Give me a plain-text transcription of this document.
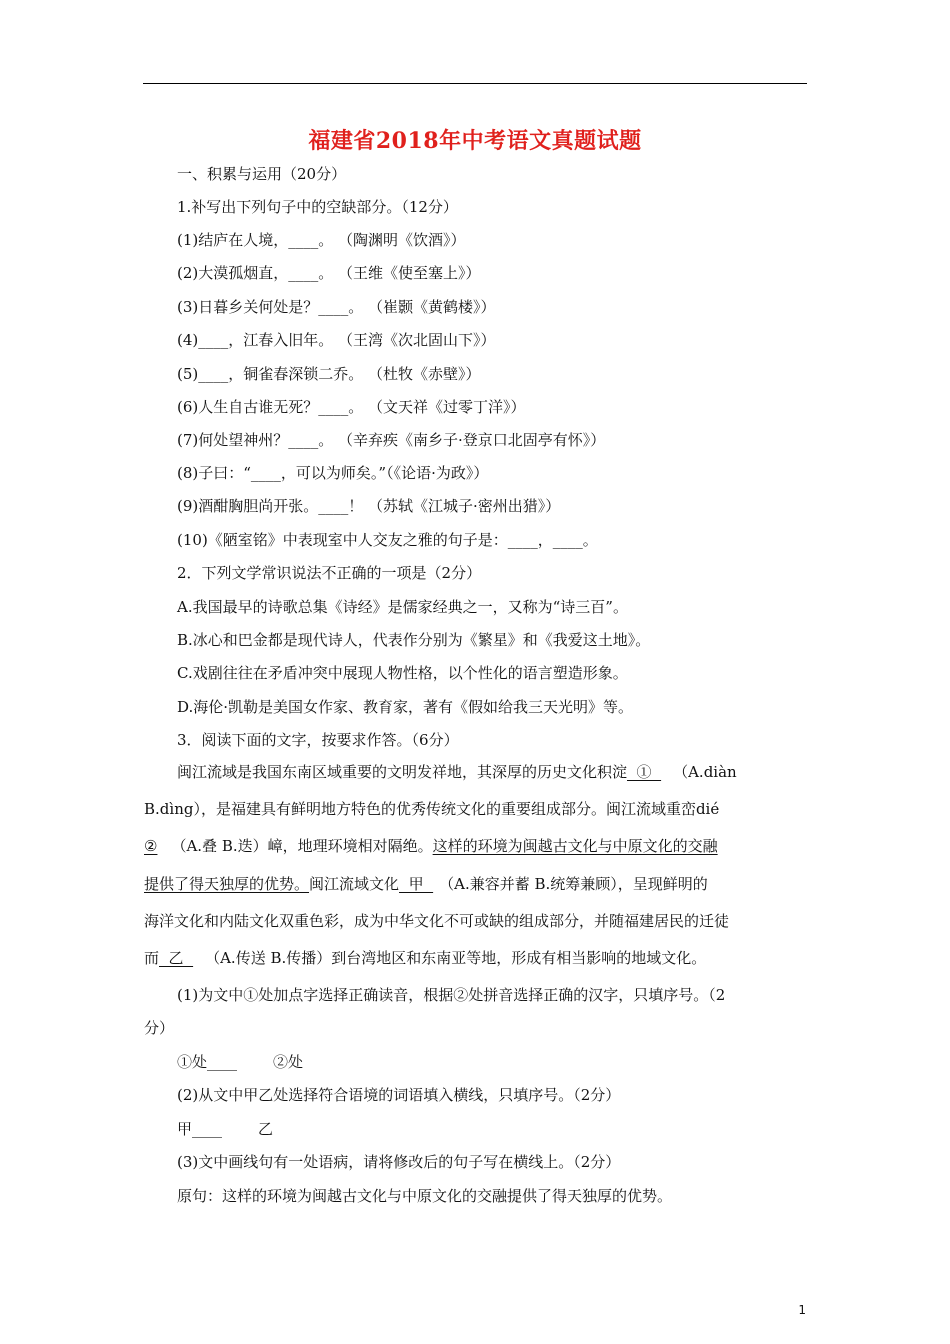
福建省2018年中考语文真题试题
一、积累与运用（20分）
1.补写出下列句子中的空缺部分。（12分）
(1)结庐在人境，____。 （陶渊明《饮酒》）
(2)大漠孤烟直，____。 （王维《使至塞上》）
(3)日暮乡关何处是？____。 （崔颢《黄鹤楼》）
(4)____，江春入旧年。 （王湾《次北固山下》）
(5)____，铜雀春深锁二乔。 （杜牧《赤壁》）
(6)人生自古谁无死？____。 （文天祥《过零丁洋》）
(7)何处望神州？____。 （辛弃疾《南乡子·登京口北固亭有怀》）
(8)子曰：“____，可以为师矣。”（《论语·为政》）
(9)酒酣胸胆尚开张。____！ （苏轼《江城子·密州出猎》）
(10)《陋室铭》中表现室中人交友之雅的句子是：____，____。
2．下列文学常识说法不正确的一项是（2分）
A.我国最早的诗歌总集《诗经》是儒家经典之一，又称为“诗三百”。
B.冰心和巴金都是现代诗人，代表作分别为《繁星》和《我爱这土地》。
C.戏剧往往在矛盾冲突中展现人物性格，以个性化的语言塑造形象。
D.海伦·凯勒是美国女作家、教育家，著有《假如给我三天光明》等。
3．阅读下面的文字，按要求作答。（6分）
闽江流域是我国东南区域重要的文明发祥地，其深厚的历史文化积淀  ①  （A.diàn
B.dìng），是福建具有鲜明地方特色的优秀传统文化的重要组成部分。闽江流域重峦dié
② （A.叠 B.迭）嶂，地理环境相对隔绝。这样的环境为闽越古文化与中原文化的交融
提供了得天独厚的优势。闽江流域文化  甲  （A.兼容并蓄 B.统筹兼顾），呈现鲜明的
海洋文化和内陆文化双重色彩，成为中华文化不可或缺的组成部分，并随福建居民的迁徒
而  乙  （A.传送 B.传播）到台湾地区和东南亚等地，形成有相当影响的地域文化。
(1)为文中①处加点字选择正确读音，根据②处拼音选择正确的汉字，只填序号。（2
分）
①处____ ②处
(2)从文中甲乙处选择符合语境的词语填入横线，只填序号。（2分）
甲____ 乙
(3)文中画线句有一处语病，请将修改后的句子写在横线上。（2分）
原句：这样的环境为闽越古文化与中原文化的交融提供了得天独厚的优势。
1
